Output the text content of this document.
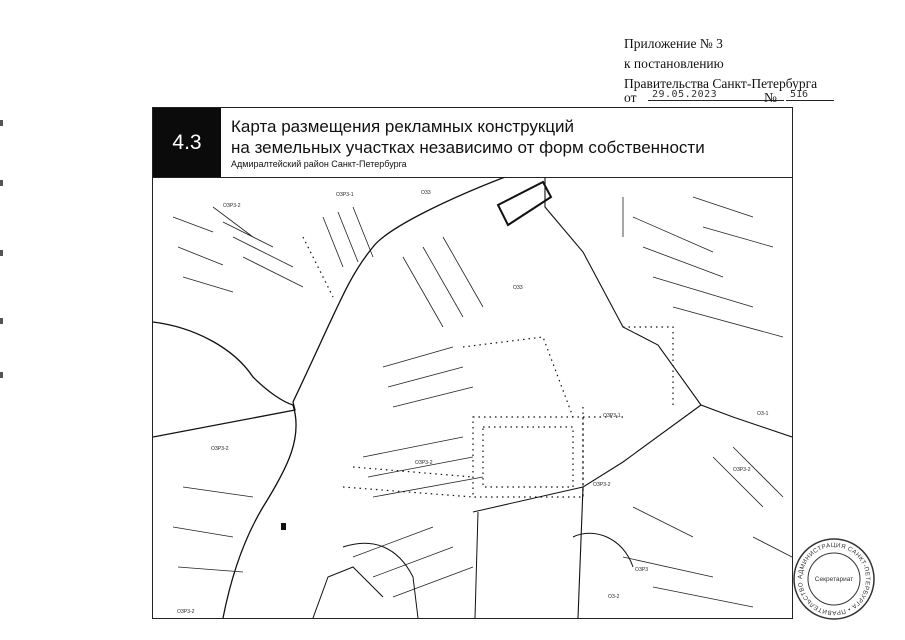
Приложение № 3
к постановлению
Правительства Санкт-Петербурга
от	29.05.2023	№	516
4.3
Карта размещения рекламных конструкций
на земельных участках независимо от форм собственности
Адмиралтейский район Санкт-Петербурга
ОЗР3-2
ОЗР3-1	ОЗ3
ОЗ3
ОЗР3-2
ОЗР3-2
ОЗР3-1	ОЗ-1
ОЗР3-2
ОЗР3-2
ОЗР3-2
ОЗР3
ОЗ-2
АДМИНИСТРАЦИЯ САНКТ-ПЕТЕРБУРГА • ПРАВИТЕЛЬСТВО
Секретариат
